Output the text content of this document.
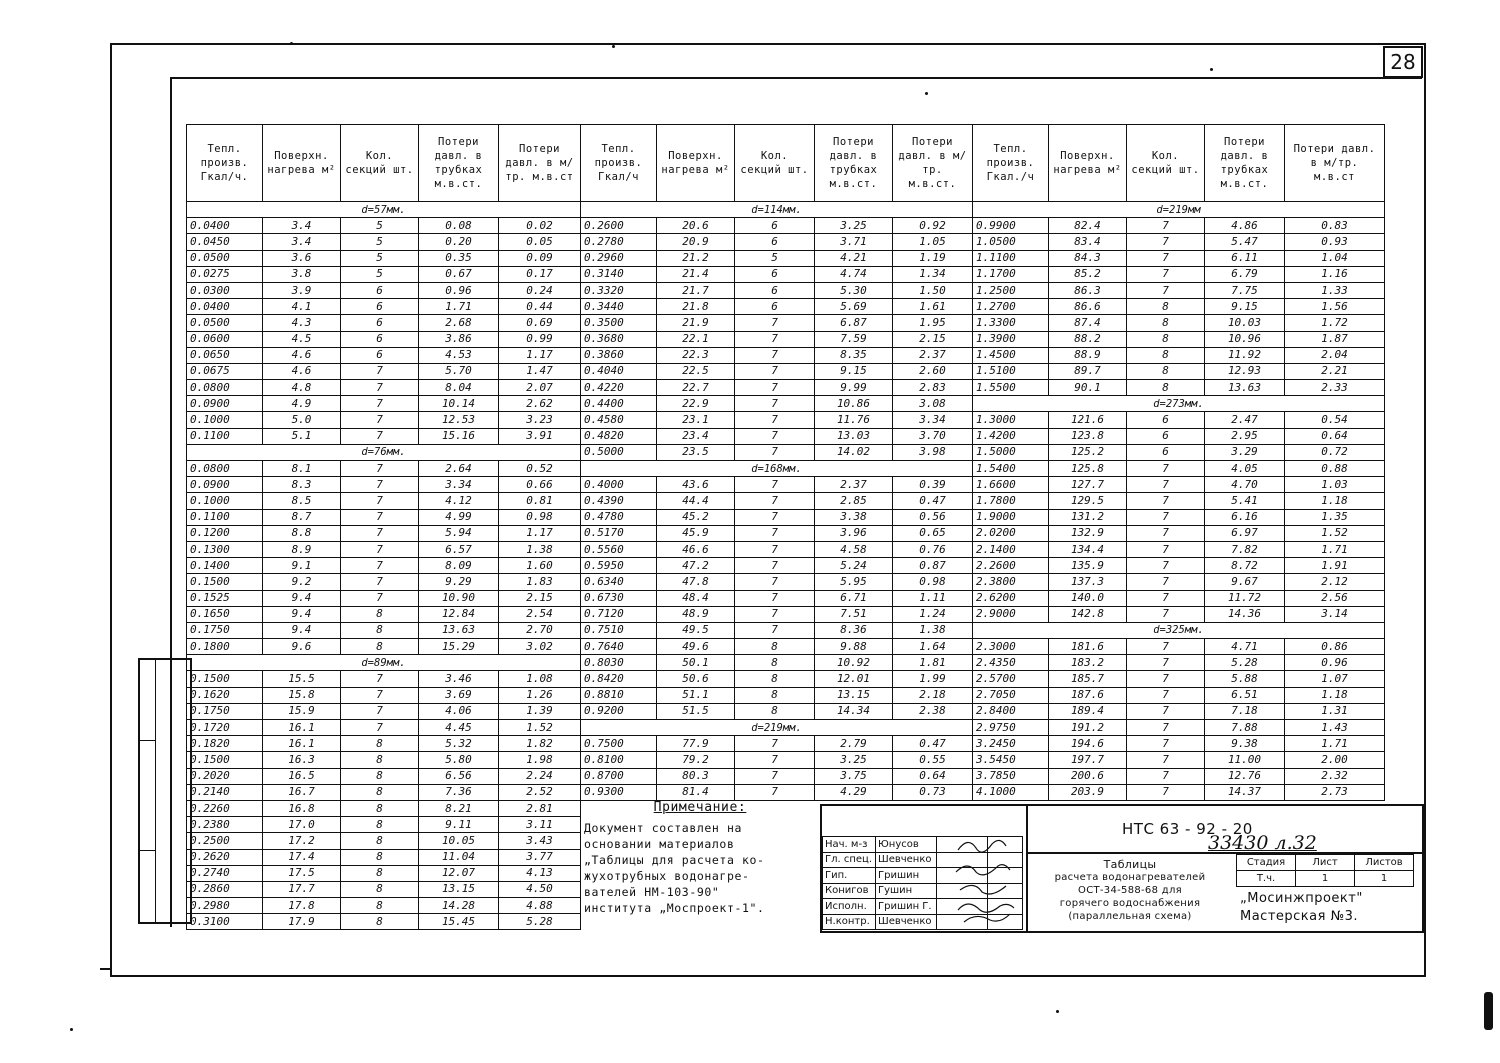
28
Тепл. произв. Гкал/ч.	Поверхн. нагрева м²	Кол. секций шт.	Потери давл. в трубках м.в.ст.	Потери давл. в м/тр. м.в.ст
d=57мм.				
0.0400	3.4	5	0.08	0.02
0.0450	3.4	5	0.20	0.05
0.0500	3.6	5	0.35	0.09
0.0275	3.8	5	0.67	0.17
0.0300	3.9	6	0.96	0.24
0.0400	4.1	6	1.71	0.44
0.0500	4.3	6	2.68	0.69
0.0600	4.5	6	3.86	0.99
0.0650	4.6	6	4.53	1.17
0.0675	4.6	7	5.70	1.47
0.0800	4.8	7	8.04	2.07
0.0900	4.9	7	10.14	2.62
0.1000	5.0	7	12.53	3.23
0.1100	5.1	7	15.16	3.91
d=76мм.				
0.0800	8.1	7	2.64	0.52
0.0900	8.3	7	3.34	0.66
0.1000	8.5	7	4.12	0.81
0.1100	8.7	7	4.99	0.98
0.1200	8.8	7	5.94	1.17
0.1300	8.9	7	6.57	1.38
0.1400	9.1	7	8.09	1.60
0.1500	9.2	7	9.29	1.83
0.1525	9.4	7	10.90	2.15
0.1650	9.4	8	12.84	2.54
0.1750	9.4	8	13.63	2.70
0.1800	9.6	8	15.29	3.02
d=89мм.				
0.1500	15.5	7	3.46	1.08
0.1620	15.8	7	3.69	1.26
0.1750	15.9	7	4.06	1.39
0.1720	16.1	7	4.45	1.52
0.1820	16.1	8	5.32	1.82
0.1500	16.3	8	5.80	1.98
0.2020	16.5	8	6.56	2.24
0.2140	16.7	8	7.36	2.52
0.2260	16.8	8	8.21	2.81
0.2380	17.0	8	9.11	3.11
0.2500	17.2	8	10.05	3.43
0.2620	17.4	8	11.04	3.77
0.2740	17.5	8	12.07	4.13
0.2860	17.7	8	13.15	4.50
0.2980	17.8	8	14.28	4.88
0.3100	17.9	8	15.45	5.28
Тепл. произв. Гкал/ч	Поверхн. нагрева м²	Кол. секций шт.	Потери давл. в трубках м.в.ст.	Потери давл. в м/тр. м.в.ст.
d=114мм.				
0.2600	20.6	6	3.25	0.92
0.2780	20.9	6	3.71	1.05
0.2960	21.2	5	4.21	1.19
0.3140	21.4	6	4.74	1.34
0.3320	21.7	6	5.30	1.50
0.3440	21.8	6	5.69	1.61
0.3500	21.9	7	6.87	1.95
0.3680	22.1	7	7.59	2.15
0.3860	22.3	7	8.35	2.37
0.4040	22.5	7	9.15	2.60
0.4220	22.7	7	9.99	2.83
0.4400	22.9	7	10.86	3.08
0.4580	23.1	7	11.76	3.34
0.4820	23.4	7	13.03	3.70
0.5000	23.5	7	14.02	3.98
d=168мм.				
0.4000	43.6	7	2.37	0.39
0.4390	44.4	7	2.85	0.47
0.4780	45.2	7	3.38	0.56
0.5170	45.9	7	3.96	0.65
0.5560	46.6	7	4.58	0.76
0.5950	47.2	7	5.24	0.87
0.6340	47.8	7	5.95	0.98
0.6730	48.4	7	6.71	1.11
0.7120	48.9	7	7.51	1.24
0.7510	49.5	7	8.36	1.38
0.7640	49.6	8	9.88	1.64
0.8030	50.1	8	10.92	1.81
0.8420	50.6	8	12.01	1.99
0.8810	51.1	8	13.15	2.18
0.9200	51.5	8	14.34	2.38
d=219мм.				
0.7500	77.9	7	2.79	0.47
0.8100	79.2	7	3.25	0.55
0.8700	80.3	7	3.75	0.64
0.9300	81.4	7	4.29	0.73
Тепл. произв. Гкал./ч	Поверхн. нагрева м²	Кол. секций шт.	Потери давл. в трубках м.в.ст.	Потери давл. в м/тр. м.в.ст
d=219мм				
0.9900	82.4	7	4.86	0.83
1.0500	83.4	7	5.47	0.93
1.1100	84.3	7	6.11	1.04
1.1700	85.2	7	6.79	1.16
1.2500	86.3	7	7.75	1.33
1.2700	86.6	8	9.15	1.56
1.3300	87.4	8	10.03	1.72
1.3900	88.2	8	10.96	1.87
1.4500	88.9	8	11.92	2.04
1.5100	89.7	8	12.93	2.21
1.5500	90.1	8	13.63	2.33
d=273мм.				
1.3000	121.6	6	2.47	0.54
1.4200	123.8	6	2.95	0.64
1.5000	125.2	6	3.29	0.72
1.5400	125.8	7	4.05	0.88
1.6600	127.7	7	4.70	1.03
1.7800	129.5	7	5.41	1.18
1.9000	131.2	7	6.16	1.35
2.0200	132.9	7	6.97	1.52
2.1400	134.4	7	7.82	1.71
2.2600	135.9	7	8.72	1.91
2.3800	137.3	7	9.67	2.12
2.6200	140.0	7	11.72	2.56
2.9000	142.8	7	14.36	3.14
d=325мм.				
2.3000	181.6	7	4.71	0.86
2.4350	183.2	7	5.28	0.96
2.5700	185.7	7	5.88	1.07
2.7050	187.6	7	6.51	1.18
2.8400	189.4	7	7.18	1.31
2.9750	191.2	7	7.88	1.43
3.2450	194.6	7	9.38	1.71
3.5450	197.7	7	11.00	2.00
3.7850	200.6	7	12.76	2.32
4.1000	203.9	7	14.37	2.73
Примечание:
Документ составлен на
основании материалов
„Таблицы для расчета ко-
жухотрубных водонагре-
вателей НМ-103-90"
института „Моспроект-1".
Нач. м-з	Юнусов		
Гл. спец.	Шевченко		
Гип.	Гришин		
Конигов	Гушин		
Исполн.	Гришин Г.		
Н.контр.	Шевченко		
НТС 63 - 92 - 20
33430 л.32
Таблицы
расчета водонагревателей
ОСТ-34-588-68 для
горячего водоснабжения
(параллельная схема)
Стадия	Лист	Листов
Т.ч.	1	1
„Мосинжпроект"
Мастерская №3.
